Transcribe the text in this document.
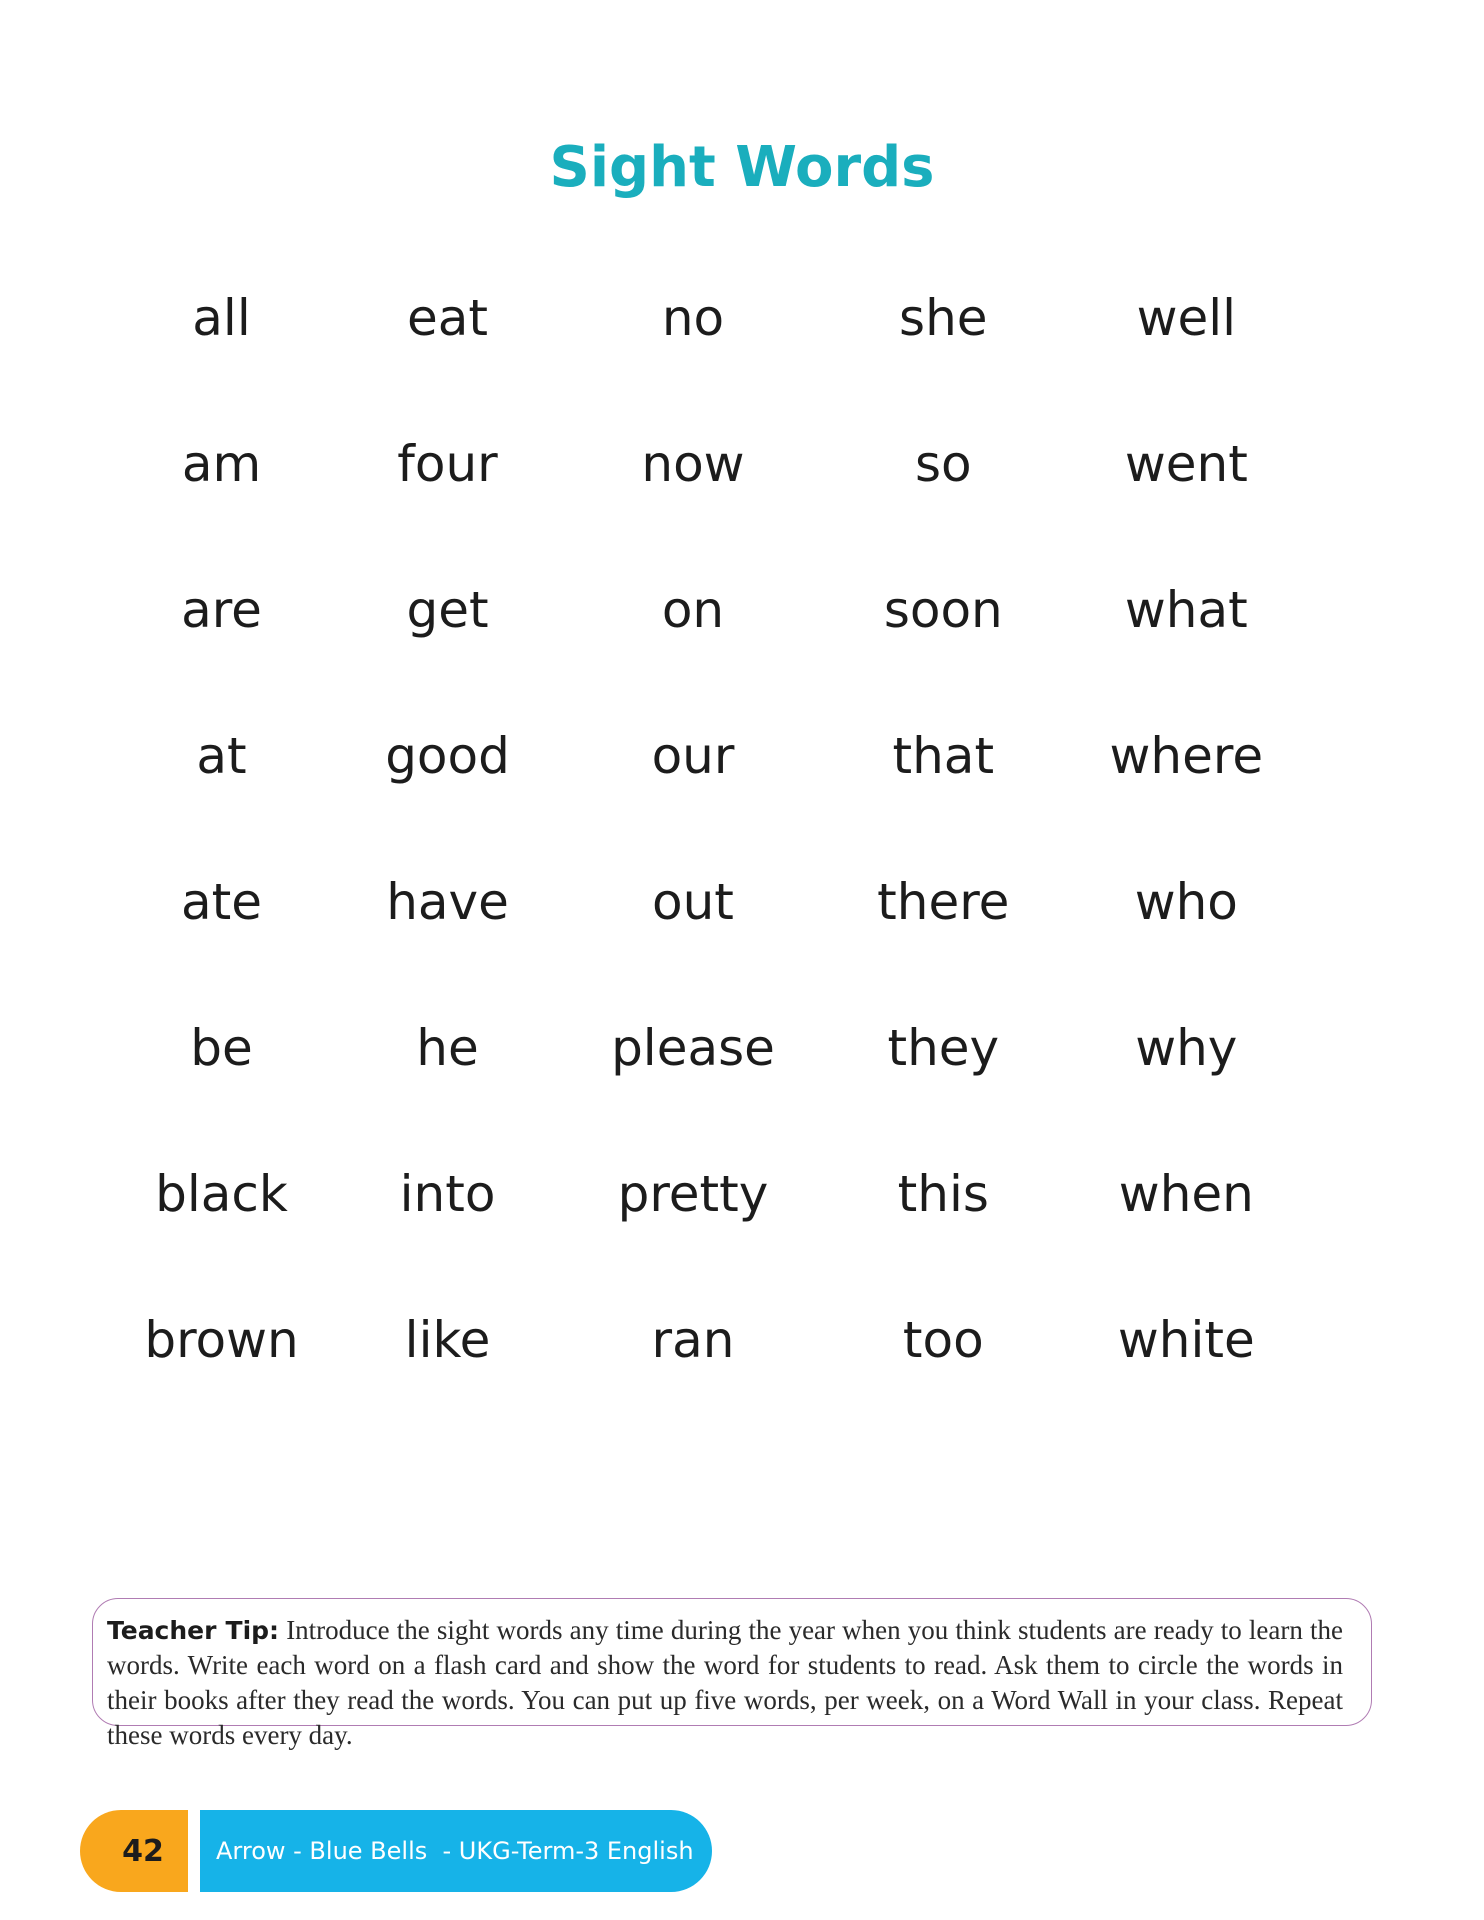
Sight Words
all	eat	no	she	well
am	four	now	so	went
are	get	on	soon	what
at	good	our	that	where
ate	have	out	there	who
be	he	please	they	why
black	into	pretty	this	when
brown	like	ran	too	white
Teacher Tip: Introduce the sight words any time during the year when you think students are ready to learn the words. Write each word on a flash card and show the word for students to read. Ask them to circle the words in their books after they read the words. You can put up five words, per week, on a Word Wall in your class. Repeat these words every day.
42	Arrow - Blue Bells  - UKG-Term-3 English
